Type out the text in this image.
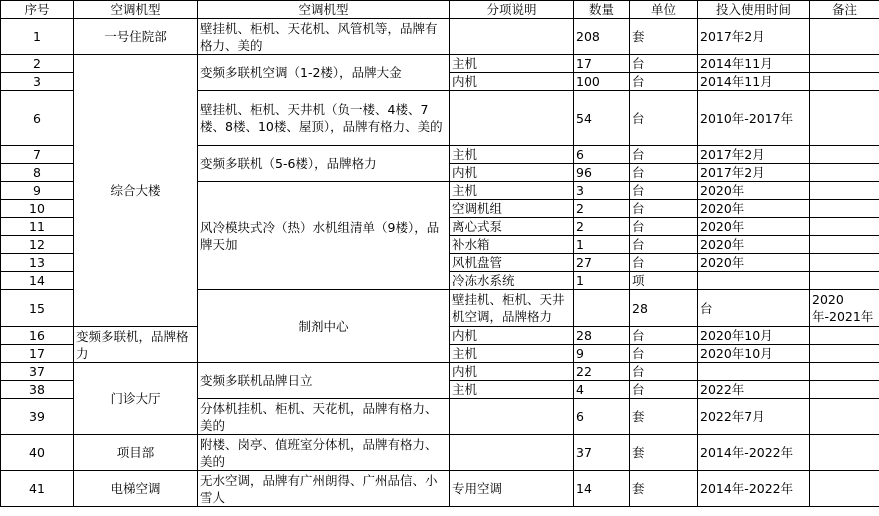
序号	空调机型	空调机型	分项说明	数量	单位	投入使用时间	备注	
1	一号住院部	壁挂机、柜机、天花机、风管机等，品牌有格力、美的		208	套	2017年2月		
2	综合大楼	变频多联机空调（1-2楼），品牌大金	主机	17	台	2014年11月		
3			内机	100	台	2014年11月		
6		壁挂机、柜机、天井机（负一楼、4楼、7楼、8楼、10楼、屋顶），品牌有格力、美的		54	台	2010年-2017年		
7		变频多联机（5-6楼），品牌格力	主机	6	台	2017年2月		
8			内机	96	台	2017年2月		
9		风冷模块式冷（热）水机组清单（9楼），品牌天加	主机	3	台	2020年		
10			空调机组	2	台	2020年		
11			离心式泵	2	台	2020年		
12			补水箱	1	台	2020年		
13			风机盘管	27	台	2020年		
14			冷冻水系统	1	项			
15		制剂中心	壁挂机、柜机、天井机空调，品牌格力		28	台	2020年-2021年	
16	变频多联机，品牌格力		内机	28	台	2020年10月		
17			主机	9	台	2020年10月		
37	门诊大厅	变频多联机品牌日立	内机	22	台			
38			主机	4	台	2022年		
39		分体机挂机、柜机、天花机，品牌有格力、美的		6	套	2022年7月		
40	项目部	附楼、岗亭、值班室分体机，品牌有格力、美的		37	套	2014年-2022年		
41	电梯空调	无水空调，品牌有广州朗得、广州品信、小雪人	专用空调	14	套	2014年-2022年		
